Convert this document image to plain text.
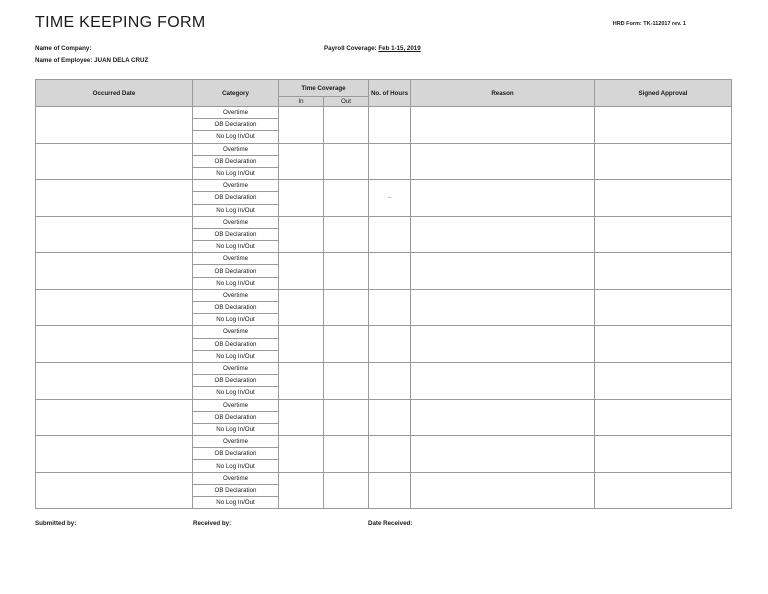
TIME KEEPING FORM	HRD Form: TK-112017 rev. 1
Name of Company:	Payroll Coverage: Feb 1-15, 2019
Name of Employee: JUAN DELA CRUZ
Occurred Date	Category	Time Coverage		No. of Hours	Reason	Signed Approval
		In	Out			
	Overtime					
	OB Declaration					
	No Log In/Out					
	Overtime					
	OB Declaration					
	No Log In/Out					
	Overtime			-		
	OB Declaration					
	No Log In/Out					
	Overtime					
	OB Declaration					
	No Log In/Out					
	Overtime					
	OB Declaration					
	No Log In/Out					
	Overtime					
	OB Declaration					
	No Log In/Out					
	Overtime					
	OB Declaration					
	No Log In/Out					
	Overtime					
	OB Declaration					
	No Log In/Out					
	Overtime					
	OB Declaration					
	No Log In/Out					
	Overtime					
	OB Declaration					
	No Log In/Out					
	Overtime					
	OB Declaration					
	No Log In/Out					
Submitted by:	Received by:	Date Received:
